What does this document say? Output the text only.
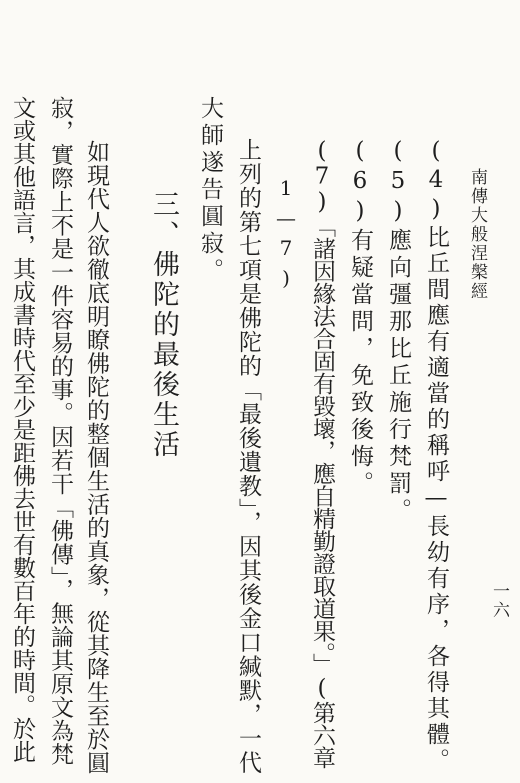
南傳大般涅槃經
一六
(4)比丘間應有適當的稱呼—長幼有序，各得其體。
(5)應向彊那比丘施行梵罰。
(6)有疑當問，免致後悔。
(7)「諸因緣法合固有毀壞，應自精勤證取道果。」(第六章
1—7)
上列的第七項是佛陀的「最後遺教」，因其後金口緘默，一代
大師遂告圓寂。
三、佛陀的最後生活
如現代人欲徹底明瞭佛陀的整個生活的真象，從其降生至於圓
寂，實際上不是一件容易的事。因若干「佛傳」，無論其原文為梵
文或其他語言，其成書時代至少是距佛去世有數百年的時間。於此
